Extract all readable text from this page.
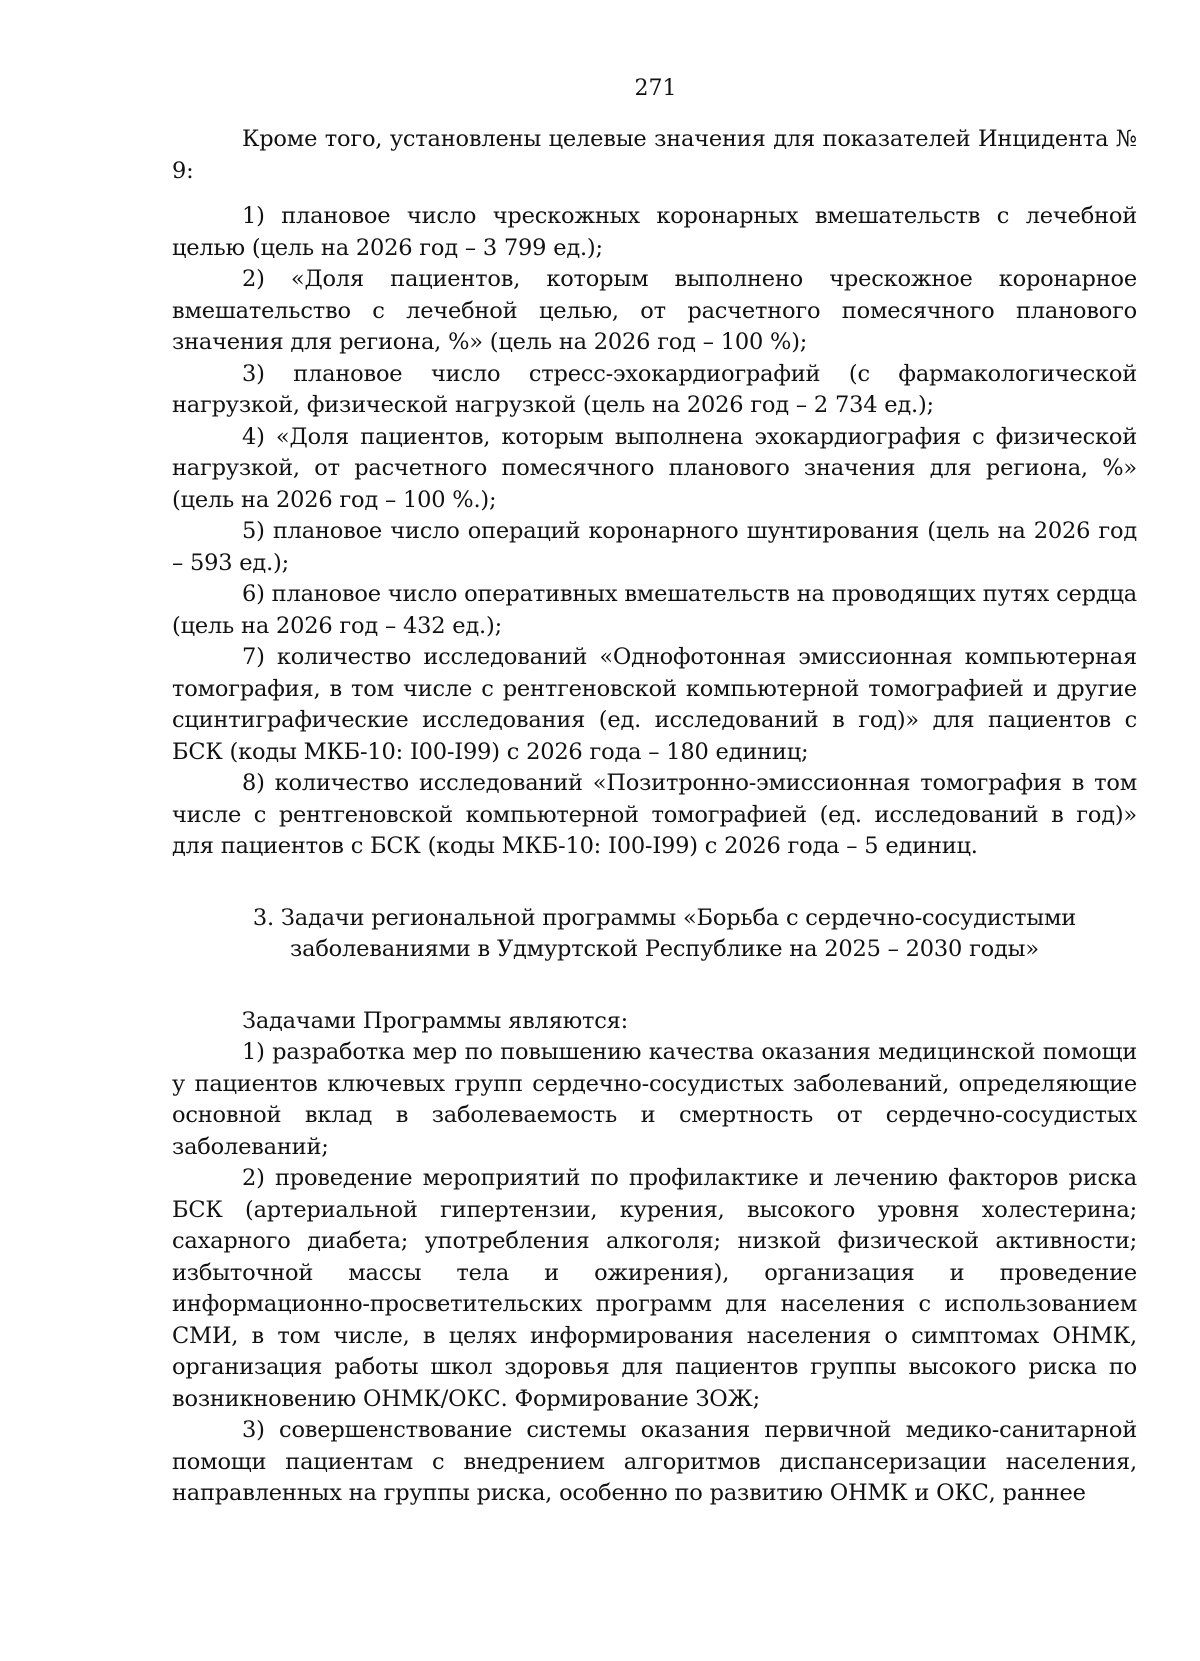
271

Кроме того, установлены целевые значения для показателей Инцидента № 9:

1) плановое число чрескожных коронарных вмешательств с лечебной целью (цель на 2026 год – 3 799 ед.);

2) «Доля пациентов, которым выполнено чрескожное коронарное вмешательство с лечебной целью, от расчетного помесячного планового значения для региона, %» (цель на 2026 год – 100 %);

3) плановое число стресс-эхокардиографий (с фармакологической нагрузкой, физической нагрузкой (цель на 2026 год – 2 734 ед.);

4) «Доля пациентов, которым выполнена эхокардиография с физической нагрузкой, от расчетного помесячного планового значения для региона, %» (цель на 2026 год – 100 %.);

5) плановое число операций коронарного шунтирования (цель на 2026 год – 593 ед.);

6) плановое число оперативных вмешательств на проводящих путях сердца (цель на 2026 год – 432 ед.);

7) количество исследований «Однофотонная эмиссионная компьютерная томография, в том числе с рентгеновской компьютерной томографией и другие сцинтиграфические исследования (ед. исследований в год)» для пациентов с БСК (коды МКБ-10: I00-I99) с 2026 года – 180 единиц;

8) количество исследований «Позитронно-эмиссионная томография в том числе с рентгеновской компьютерной томографией (ед. исследований в год)» для пациентов с БСК (коды МКБ-10: I00-I99) с 2026 года – 5 единиц.

3. Задачи региональной программы «Борьба с сердечно-сосудистыми

заболеваниями в Удмуртской Республике на 2025 – 2030 годы»

Задачами Программы являются:

1) разработка мер по повышению качества оказания медицинской помощи у пациентов ключевых групп сердечно-сосудистых заболеваний, определяющие основной вклад в заболеваемость и смертность от сердечно-сосудистых заболеваний;

2) проведение мероприятий по профилактике и лечению факторов риска БСК (артериальной гипертензии, курения, высокого уровня холестерина; сахарного диабета; употребления алкоголя; низкой физической активности; избыточной массы тела и ожирения), организация и проведение информационно-просветительских программ для населения с использованием СМИ, в том числе, в целях информирования населения о симптомах ОНМК, организация работы школ здоровья для пациентов группы высокого риска по возникновению ОНМК/ОКС. Формирование ЗОЖ;

3) совершенствование системы оказания первичной медико-санитарной помощи пациентам с внедрением алгоритмов диспансеризации населения, направленных на группы риска, особенно по развитию ОНМК и ОКС, раннее
